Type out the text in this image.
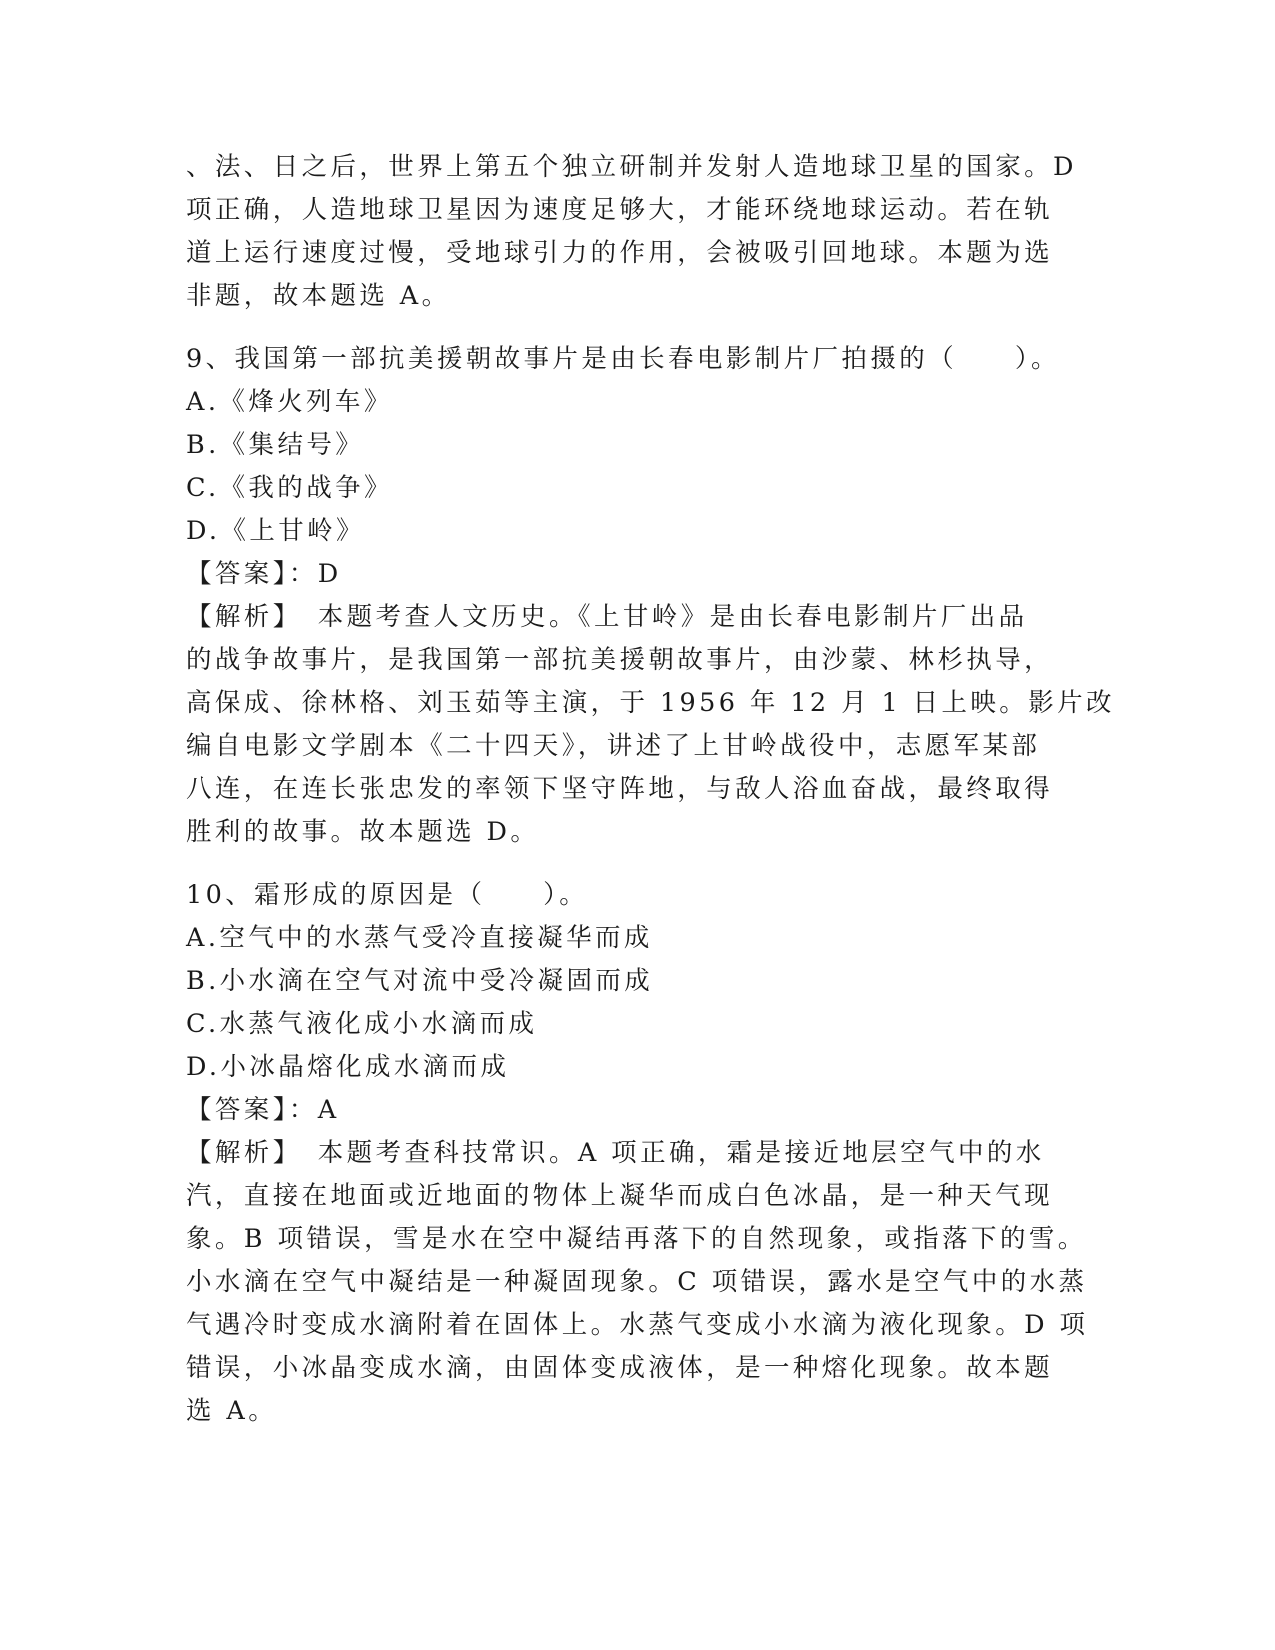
、法、日之后，世界上第五个独立研制并发射人造地球卫星的国家。D
项正确，人造地球卫星因为速度足够大，才能环绕地球运动。若在轨
道上运行速度过慢，受地球引力的作用，会被吸引回地球。本题为选
非题，故本题选 A。
9、我国第一部抗美援朝故事片是由长春电影制片厂拍摄的（　　）。
A.《烽火列车》
B.《集结号》
C.《我的战争》
D.《上甘岭》
【答案】：D
【解析】　本题考查人文历史。《上甘岭》是由长春电影制片厂出品
的战争故事片，是我国第一部抗美援朝故事片，由沙蒙、林杉执导，
高保成、徐林格、刘玉茹等主演，于 1956 年 12 月 1 日上映。影片改
编自电影文学剧本《二十四天》，讲述了上甘岭战役中，志愿军某部
八连，在连长张忠发的率领下坚守阵地，与敌人浴血奋战，最终取得
胜利的故事。故本题选 D。
10、霜形成的原因是（　　）。
A.空气中的水蒸气受冷直接凝华而成
B.小水滴在空气对流中受冷凝固而成
C.水蒸气液化成小水滴而成
D.小冰晶熔化成水滴而成
【答案】：A
【解析】　本题考查科技常识。A 项正确，霜是接近地层空气中的水
汽，直接在地面或近地面的物体上凝华而成白色冰晶，是一种天气现
象。B 项错误，雪是水在空中凝结再落下的自然现象，或指落下的雪。
小水滴在空气中凝结是一种凝固现象。C 项错误，露水是空气中的水蒸
气遇冷时变成水滴附着在固体上。水蒸气变成小水滴为液化现象。D 项
错误，小冰晶变成水滴，由固体变成液体，是一种熔化现象。故本题
选 A。
